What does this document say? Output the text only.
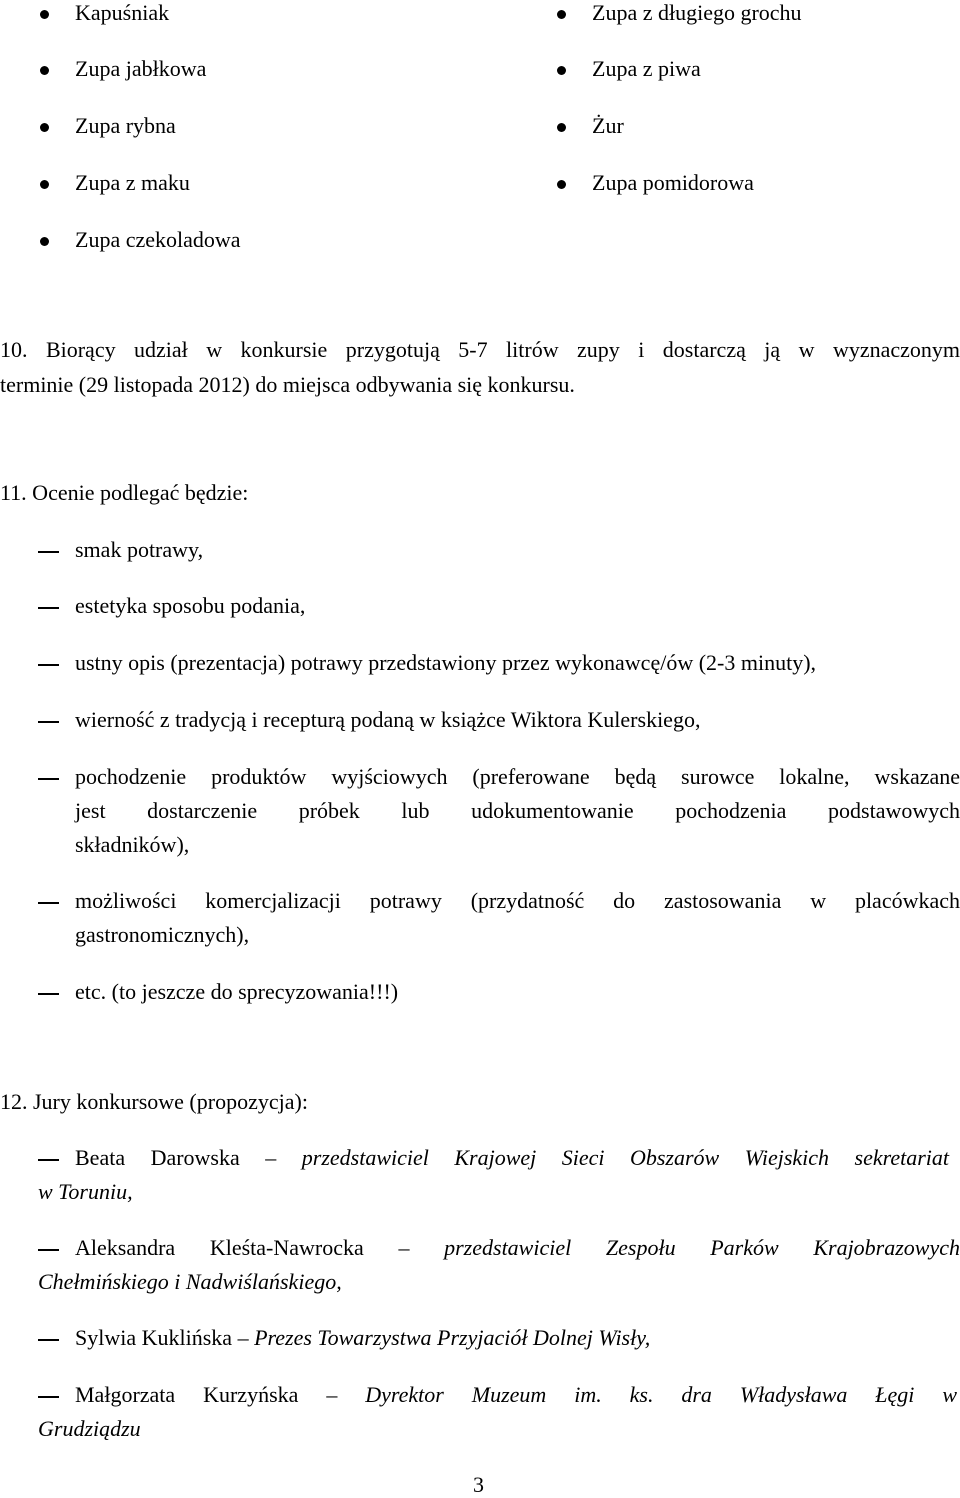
Kapuśniak
Zupa jabłkowa
Zupa rybna
Zupa z maku
Zupa czekoladowa
Zupa z długiego grochu
Zupa z piwa
Żur
Zupa pomidorowa
10. Biorący udział w konkursie przygotują 5-7 litrów zupy i dostarczą ją w wyznaczonym
terminie (29 listopada 2012) do miejsca odbywania się konkursu.
11. Ocenie podlegać będzie:
smak potrawy,
estetyka sposobu podania,
ustny opis (prezentacja) potrawy przedstawiony przez wykonawcę/ów (2-3 minuty),
wierność z tradycją i recepturą podaną w książce Wiktora Kulerskiego,
pochodzenie produktów wyjściowych (preferowane będą surowce lokalne, wskazane
jest dostarczenie próbek lub udokumentowanie pochodzenia podstawowych
składników),
możliwości komercjalizacji potrawy (przydatność do zastosowania w placówkach
gastronomicznych),
etc. (to jeszcze do sprecyzowania!!!)
12. Jury konkursowe (propozycja):
Beata Darowska – przedstawiciel Krajowej Sieci Obszarów Wiejskich sekretariat
w Toruniu,
Aleksandra Kleśta-Nawrocka – przedstawiciel Zespołu Parków Krajobrazowych
Chełmińskiego i Nadwiślańskiego,
Sylwia Kuklińska – Prezes Towarzystwa Przyjaciół Dolnej Wisły,
Małgorzata Kurzyńska – Dyrektor Muzeum im. ks. dra Władysława Łęgi w
Grudziądzu
3
